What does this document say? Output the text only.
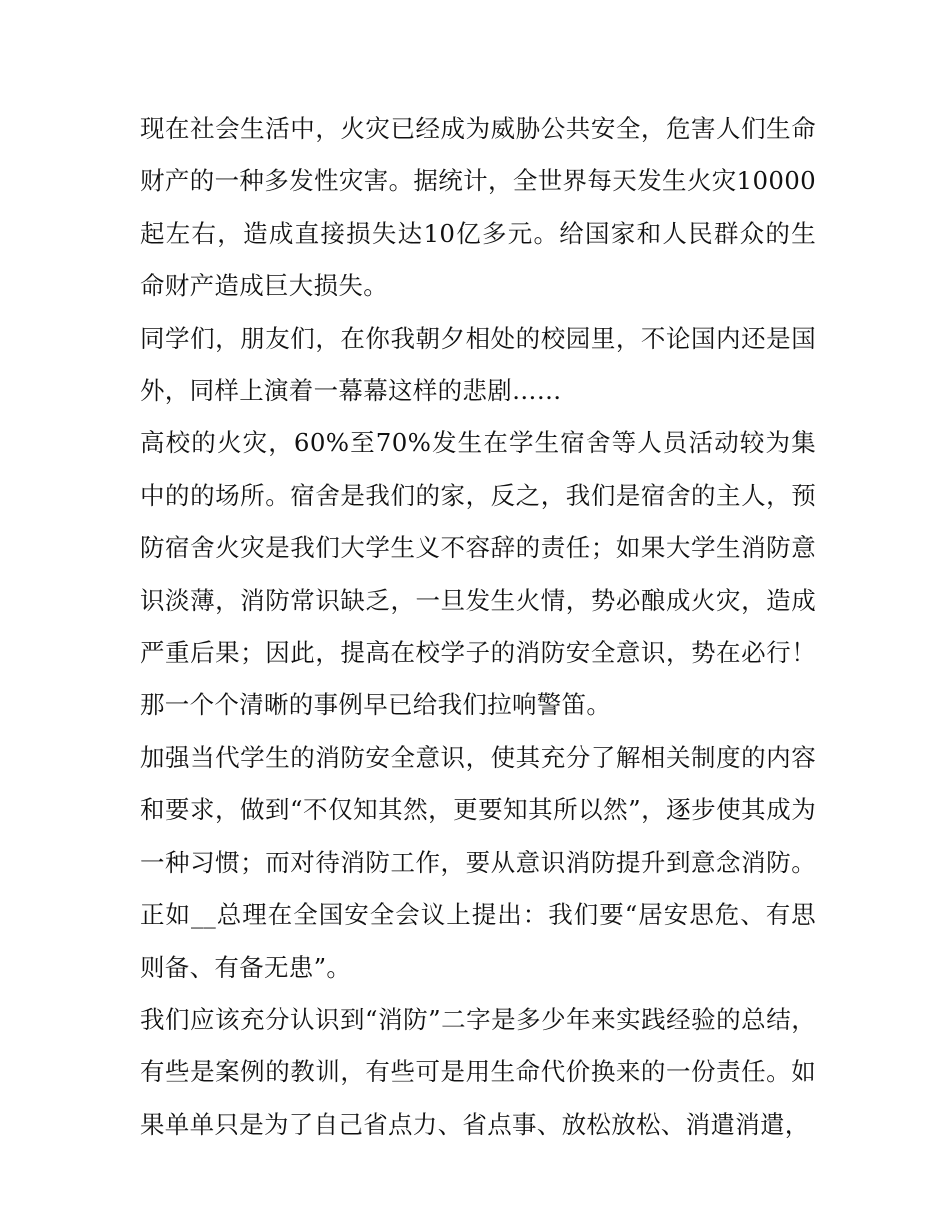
现在社会生活中，火灾已经成为威胁公共安全，危害人们生命财产的一种多发性灾害。据统计，全世界每天发生火灾10000起左右，造成直接损失达10亿多元。给国家和人民群众的生命财产造成巨大损失。

同学们，朋友们，在你我朝夕相处的校园里，不论国内还是国外，同样上演着一幕幕这样的悲剧……

高校的火灾，60%至70%发生在学生宿舍等人员活动较为集中的的场所。宿舍是我们的家，反之，我们是宿舍的主人，预防宿舍火灾是我们大学生义不容辞的责任；如果大学生消防意识淡薄，消防常识缺乏，一旦发生火情，势必酿成火灾，造成严重后果；因此，提高在校学子的消防安全意识，势在必行！那一个个清晰的事例早已给我们拉响警笛。

加强当代学生的消防安全意识，使其充分了解相关制度的内容和要求，做到“不仅知其然，更要知其所以然”，逐步使其成为一种习惯；而对待消防工作，要从意识消防提升到意念消防。正如__总理在全国安全会议上提出：我们要“居安思危、有思则备、有备无患”。

我们应该充分认识到“消防”二字是多少年来实践经验的总结，有些是案例的教训，有些可是用生命代价换来的一份责任。如果单单只是为了自己省点力、省点事、放松放松、消遣消遣，
